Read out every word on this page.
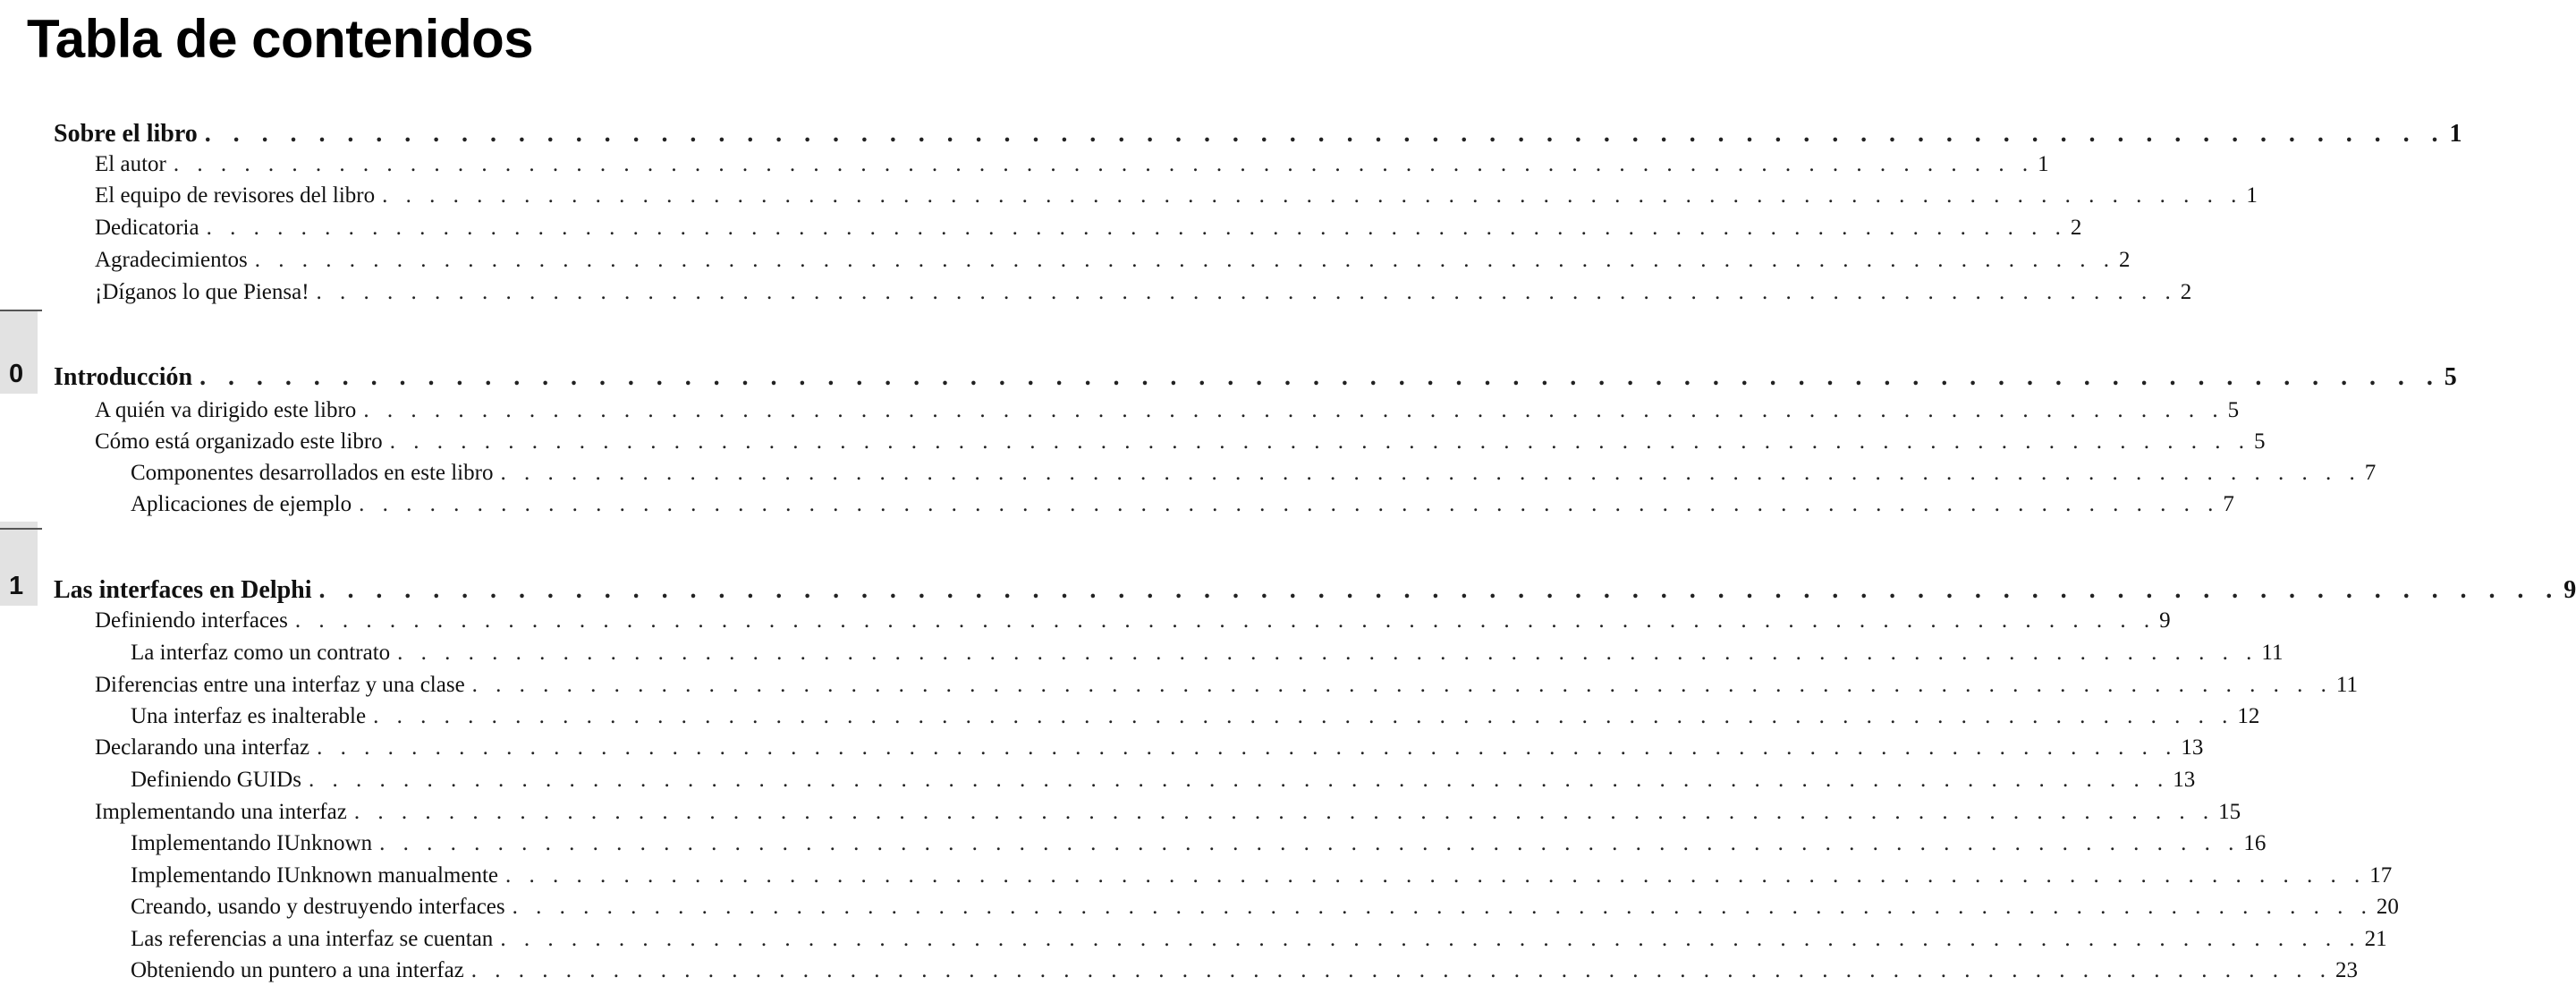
Tabla de contenidos
0
1
Sobre el libro . . . . . . . . . . . . . . . . . . . . . . . . . . . . . . . . . . . . . . . . . . . . . . . . . . . . . . . . . . . . . . . . . . . . . . . . . . . . . . . 1
El autor . . . . . . . . . . . . . . . . . . . . . . . . . . . . . . . . . . . . . . . . . . . . . . . . . . . . . . . . . . . . . . . . . . . . . . . . . . . . . . . 1
El equipo de revisores del libro . . . . . . . . . . . . . . . . . . . . . . . . . . . . . . . . . . . . . . . . . . . . . . . . . . . . . . . . . . . . . . . . . . . . . . . . . . . . . . . 1
Dedicatoria . . . . . . . . . . . . . . . . . . . . . . . . . . . . . . . . . . . . . . . . . . . . . . . . . . . . . . . . . . . . . . . . . . . . . . . . . . . . . . . 2
Agradecimientos . . . . . . . . . . . . . . . . . . . . . . . . . . . . . . . . . . . . . . . . . . . . . . . . . . . . . . . . . . . . . . . . . . . . . . . . . . . . . . . 2
¡Díganos lo que Piensa! . . . . . . . . . . . . . . . . . . . . . . . . . . . . . . . . . . . . . . . . . . . . . . . . . . . . . . . . . . . . . . . . . . . . . . . . . . . . . . . 2
Introducción . . . . . . . . . . . . . . . . . . . . . . . . . . . . . . . . . . . . . . . . . . . . . . . . . . . . . . . . . . . . . . . . . . . . . . . . . . . . . . . 5
A quién va dirigido este libro . . . . . . . . . . . . . . . . . . . . . . . . . . . . . . . . . . . . . . . . . . . . . . . . . . . . . . . . . . . . . . . . . . . . . . . . . . . . . . . 5
Cómo está organizado este libro . . . . . . . . . . . . . . . . . . . . . . . . . . . . . . . . . . . . . . . . . . . . . . . . . . . . . . . . . . . . . . . . . . . . . . . . . . . . . . . 5
Componentes desarrollados en este libro . . . . . . . . . . . . . . . . . . . . . . . . . . . . . . . . . . . . . . . . . . . . . . . . . . . . . . . . . . . . . . . . . . . . . . . . . . . . . . . 7
Aplicaciones de ejemplo . . . . . . . . . . . . . . . . . . . . . . . . . . . . . . . . . . . . . . . . . . . . . . . . . . . . . . . . . . . . . . . . . . . . . . . . . . . . . . . 7
Las interfaces en Delphi . . . . . . . . . . . . . . . . . . . . . . . . . . . . . . . . . . . . . . . . . . . . . . . . . . . . . . . . . . . . . . . . . . . . . . . . . . . . . . . 9
Definiendo interfaces . . . . . . . . . . . . . . . . . . . . . . . . . . . . . . . . . . . . . . . . . . . . . . . . . . . . . . . . . . . . . . . . . . . . . . . . . . . . . . . 9
La interfaz como un contrato . . . . . . . . . . . . . . . . . . . . . . . . . . . . . . . . . . . . . . . . . . . . . . . . . . . . . . . . . . . . . . . . . . . . . . . . . . . . . . . 11
Diferencias entre una interfaz y una clase . . . . . . . . . . . . . . . . . . . . . . . . . . . . . . . . . . . . . . . . . . . . . . . . . . . . . . . . . . . . . . . . . . . . . . . . . . . . . . . 11
Una interfaz es inalterable . . . . . . . . . . . . . . . . . . . . . . . . . . . . . . . . . . . . . . . . . . . . . . . . . . . . . . . . . . . . . . . . . . . . . . . . . . . . . . . 12
Declarando una interfaz . . . . . . . . . . . . . . . . . . . . . . . . . . . . . . . . . . . . . . . . . . . . . . . . . . . . . . . . . . . . . . . . . . . . . . . . . . . . . . . 13
Definiendo GUIDs . . . . . . . . . . . . . . . . . . . . . . . . . . . . . . . . . . . . . . . . . . . . . . . . . . . . . . . . . . . . . . . . . . . . . . . . . . . . . . . 13
Implementando una interfaz . . . . . . . . . . . . . . . . . . . . . . . . . . . . . . . . . . . . . . . . . . . . . . . . . . . . . . . . . . . . . . . . . . . . . . . . . . . . . . . 15
Implementando IUnknown . . . . . . . . . . . . . . . . . . . . . . . . . . . . . . . . . . . . . . . . . . . . . . . . . . . . . . . . . . . . . . . . . . . . . . . . . . . . . . . 16
Implementando IUnknown manualmente . . . . . . . . . . . . . . . . . . . . . . . . . . . . . . . . . . . . . . . . . . . . . . . . . . . . . . . . . . . . . . . . . . . . . . . . . . . . . . . 17
Creando, usando y destruyendo interfaces . . . . . . . . . . . . . . . . . . . . . . . . . . . . . . . . . . . . . . . . . . . . . . . . . . . . . . . . . . . . . . . . . . . . . . . . . . . . . . . 20
Las referencias a una interfaz se cuentan . . . . . . . . . . . . . . . . . . . . . . . . . . . . . . . . . . . . . . . . . . . . . . . . . . . . . . . . . . . . . . . . . . . . . . . . . . . . . . . 21
Obteniendo un puntero a una interfaz . . . . . . . . . . . . . . . . . . . . . . . . . . . . . . . . . . . . . . . . . . . . . . . . . . . . . . . . . . . . . . . . . . . . . . . . . . . . . . . 23
